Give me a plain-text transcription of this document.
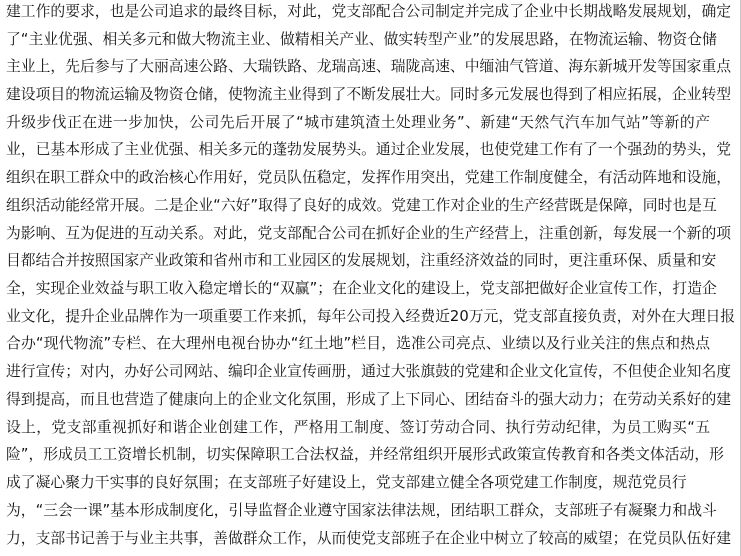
建工作的要求，也是公司追求的最终目标，对此，党支部配合公司制定并完成了企业中长期战略发展规划，确定
了“主业优强、相关多元和做大物流主业、做精相关产业、做实转型产业”的发展思路，在物流运输、物资仓储
主业上，先后参与了大丽高速公路、大瑞铁路、龙瑞高速、瑞陇高速、中缅油气管道、海东新城开发等国家重点
建设项目的物流运输及物资仓储，使物流主业得到了不断发展壮大。同时多元发展也得到了相应拓展，企业转型
升级步伐正在进一步加快，公司先后开展了“城市建筑渣土处理业务”、新建“天然气汽车加气站”等新的产
业，已基本形成了主业优强、相关多元的蓬勃发展势头。通过企业发展，也使党建工作有了一个强劲的势头，党
组织在职工群众中的政治核心作用好，党员队伍稳定，发挥作用突出，党建工作制度健全，有活动阵地和设施，
组织活动能经常开展。二是企业“六好”取得了良好的成效。党建工作对企业的生产经营既是保障，同时也是互
为影响、互为促进的互动关系。对此，党支部配合公司在抓好企业的生产经营上，注重创新，每发展一个新的项
目都结合并按照国家产业政策和省州市和工业园区的发展规划，注重经济效益的同时，更注重环保、质量和安
全，实现企业效益与职工收入稳定增长的“双赢”；在企业文化的建设上，党支部把做好企业宣传工作，打造企
业文化，提升企业品牌作为一项重要工作来抓，每年公司投入经费近20万元，党支部直接负责，对外在大理日报
合办“现代物流”专栏、在大理州电视台协办“红土地”栏目，选准公司亮点、业绩以及行业关注的焦点和热点
进行宣传；对内，办好公司网站、编印企业宣传画册，通过大张旗鼓的党建和企业文化宣传，不但使企业知名度
得到提高，而且也营造了健康向上的企业文化氛围，形成了上下同心、团结奋斗的强大动力；在劳动关系好的建
设上，党支部重视抓好和谐企业创建工作，严格用工制度、签订劳动合同、执行劳动纪律，为员工购买“五
险”，形成员工工资增长机制，切实保障职工合法权益，并经常组织开展形式政策宣传教育和各类文体活动，形
成了凝心聚力干实事的良好氛围；在支部班子好建设上，党支部建立健全各项党建工作制度，规范党员行
为，“三会一课”基本形成制度化，引导监督企业遵守国家法律法规，团结职工群众，支部班子有凝聚力和战斗
力，支部书记善于与业主共事，善做群众工作，从而使党支部班子在企业中树立了较高的威望；在党员队伍好建
